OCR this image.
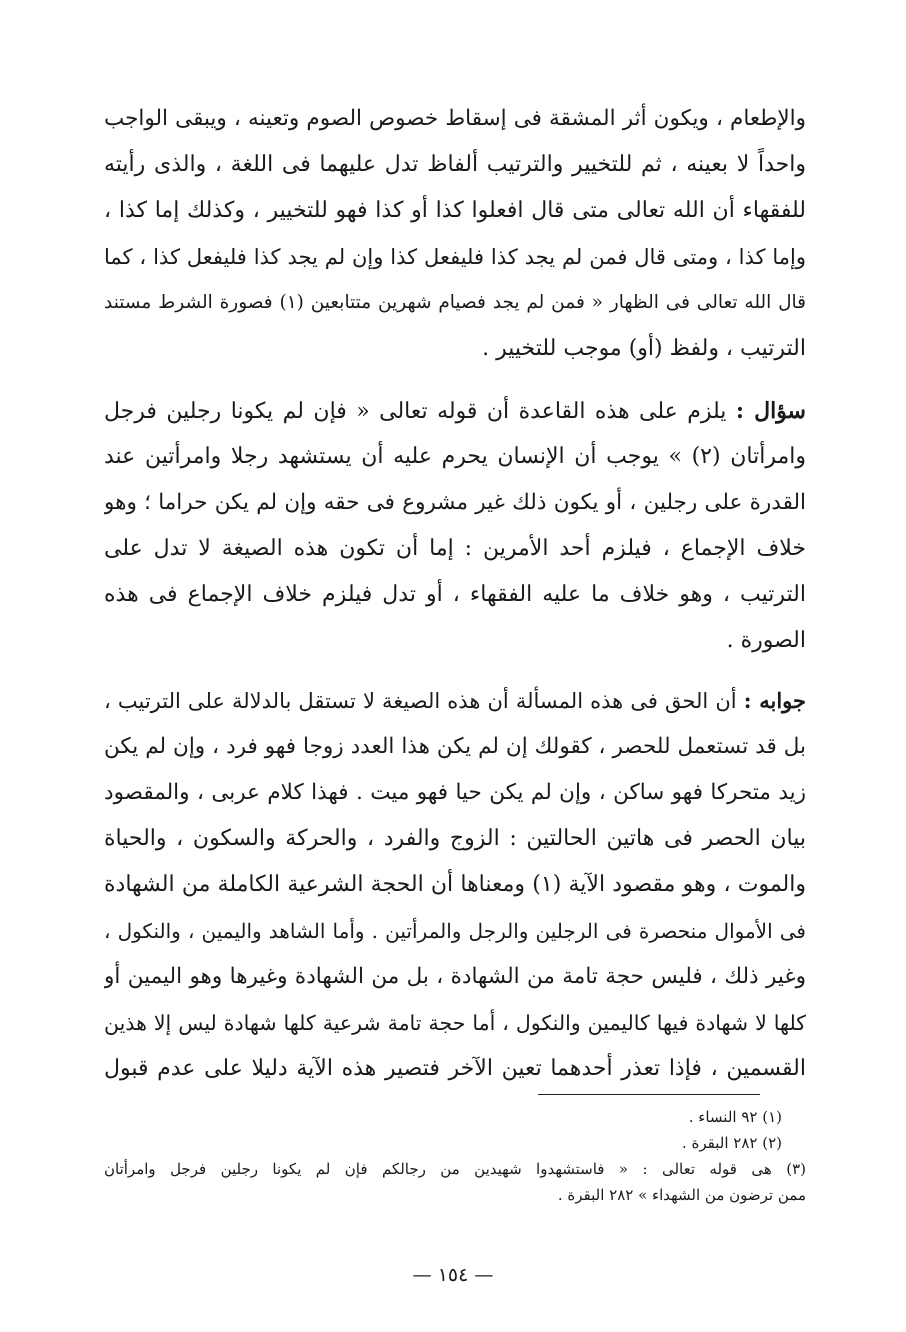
والإطعام ، ويكون أثر المشقة فى إسقاط خصوص الصوم وتعينه ، ويبقى الواجب
واحداً لا بعينه ، ثم للتخيير والترتيب ألفاظ تدل عليهما فى اللغة ، والذى رأيته
للفقهاء أن الله تعالى متى قال افعلوا كذا أو كذا فهو للتخيير ، وكذلك إما كذا ،
وإما كذا ، ومتى قال فمن لم يجد كذا فليفعل كذا وإن لم يجد كذا فليفعل كذا ، كما
قال الله تعالى فى الظهار « فمن لم يجد فصيام شهرين متتابعين (١) فصورة الشرط مستند
الترتيب ، ولفظ (أو) موجب للتخيير .
سؤال : يلزم على هذه القاعدة أن قوله تعالى « فإن لم يكونا رجلين فرجل
وامرأتان (٢) » يوجب أن الإنسان يحرم عليه أن يستشهد رجلا وامرأتين عند
القدرة على رجلين ، أو يكون ذلك غير مشروع فى حقه وإن لم يكن حراما ؛ وهو
خلاف الإجماع ، فيلزم أحد الأمرين : إما أن تكون هذه الصيغة لا تدل على
الترتيب ، وهو خلاف ما عليه الفقهاء ، أو تدل فيلزم خلاف الإجماع فى هذه
الصورة .
جوابه : أن الحق فى هذه المسألة أن هذه الصيغة لا تستقل بالدلالة على الترتيب ،
بل قد تستعمل للحصر ، كقولك إن لم يكن هذا العدد زوجا فهو فرد ، وإن لم يكن
زيد متحركا فهو ساكن ، وإن لم يكن حيا فهو ميت . فهذا كلام عربى ، والمقصود
بيان الحصر فى هاتين الحالتين : الزوج والفرد ، والحركة والسكون ، والحياة
والموت ، وهو مقصود الآية (١) ومعناها أن الحجة الشرعية الكاملة من الشهادة
فى الأموال منحصرة فى الرجلين والرجل والمرأتين . وأما الشاهد واليمين ، والنكول ،
وغير ذلك ، فليس حجة تامة من الشهادة ، بل من الشهادة وغيرها وهو اليمين أو
كلها لا شهادة فيها كاليمين والنكول ، أما حجة تامة شرعية كلها شهادة ليس إلا هذين
القسمين ، فإذا تعذر أحدهما تعين الآخر فتصير هذه الآية دليلا على عدم قبول
(١) ٩٢ النساء .
(٢) ٢٨٢ البقرة .
(٣) هى قوله تعالى : « فاستشهدوا شهيدين من رجالكم فإن لم يكونا رجلين فرجل وامرأتان
ممن ترضون من الشهداء » ٢٨٢ البقرة .
— ١٥٤ —
